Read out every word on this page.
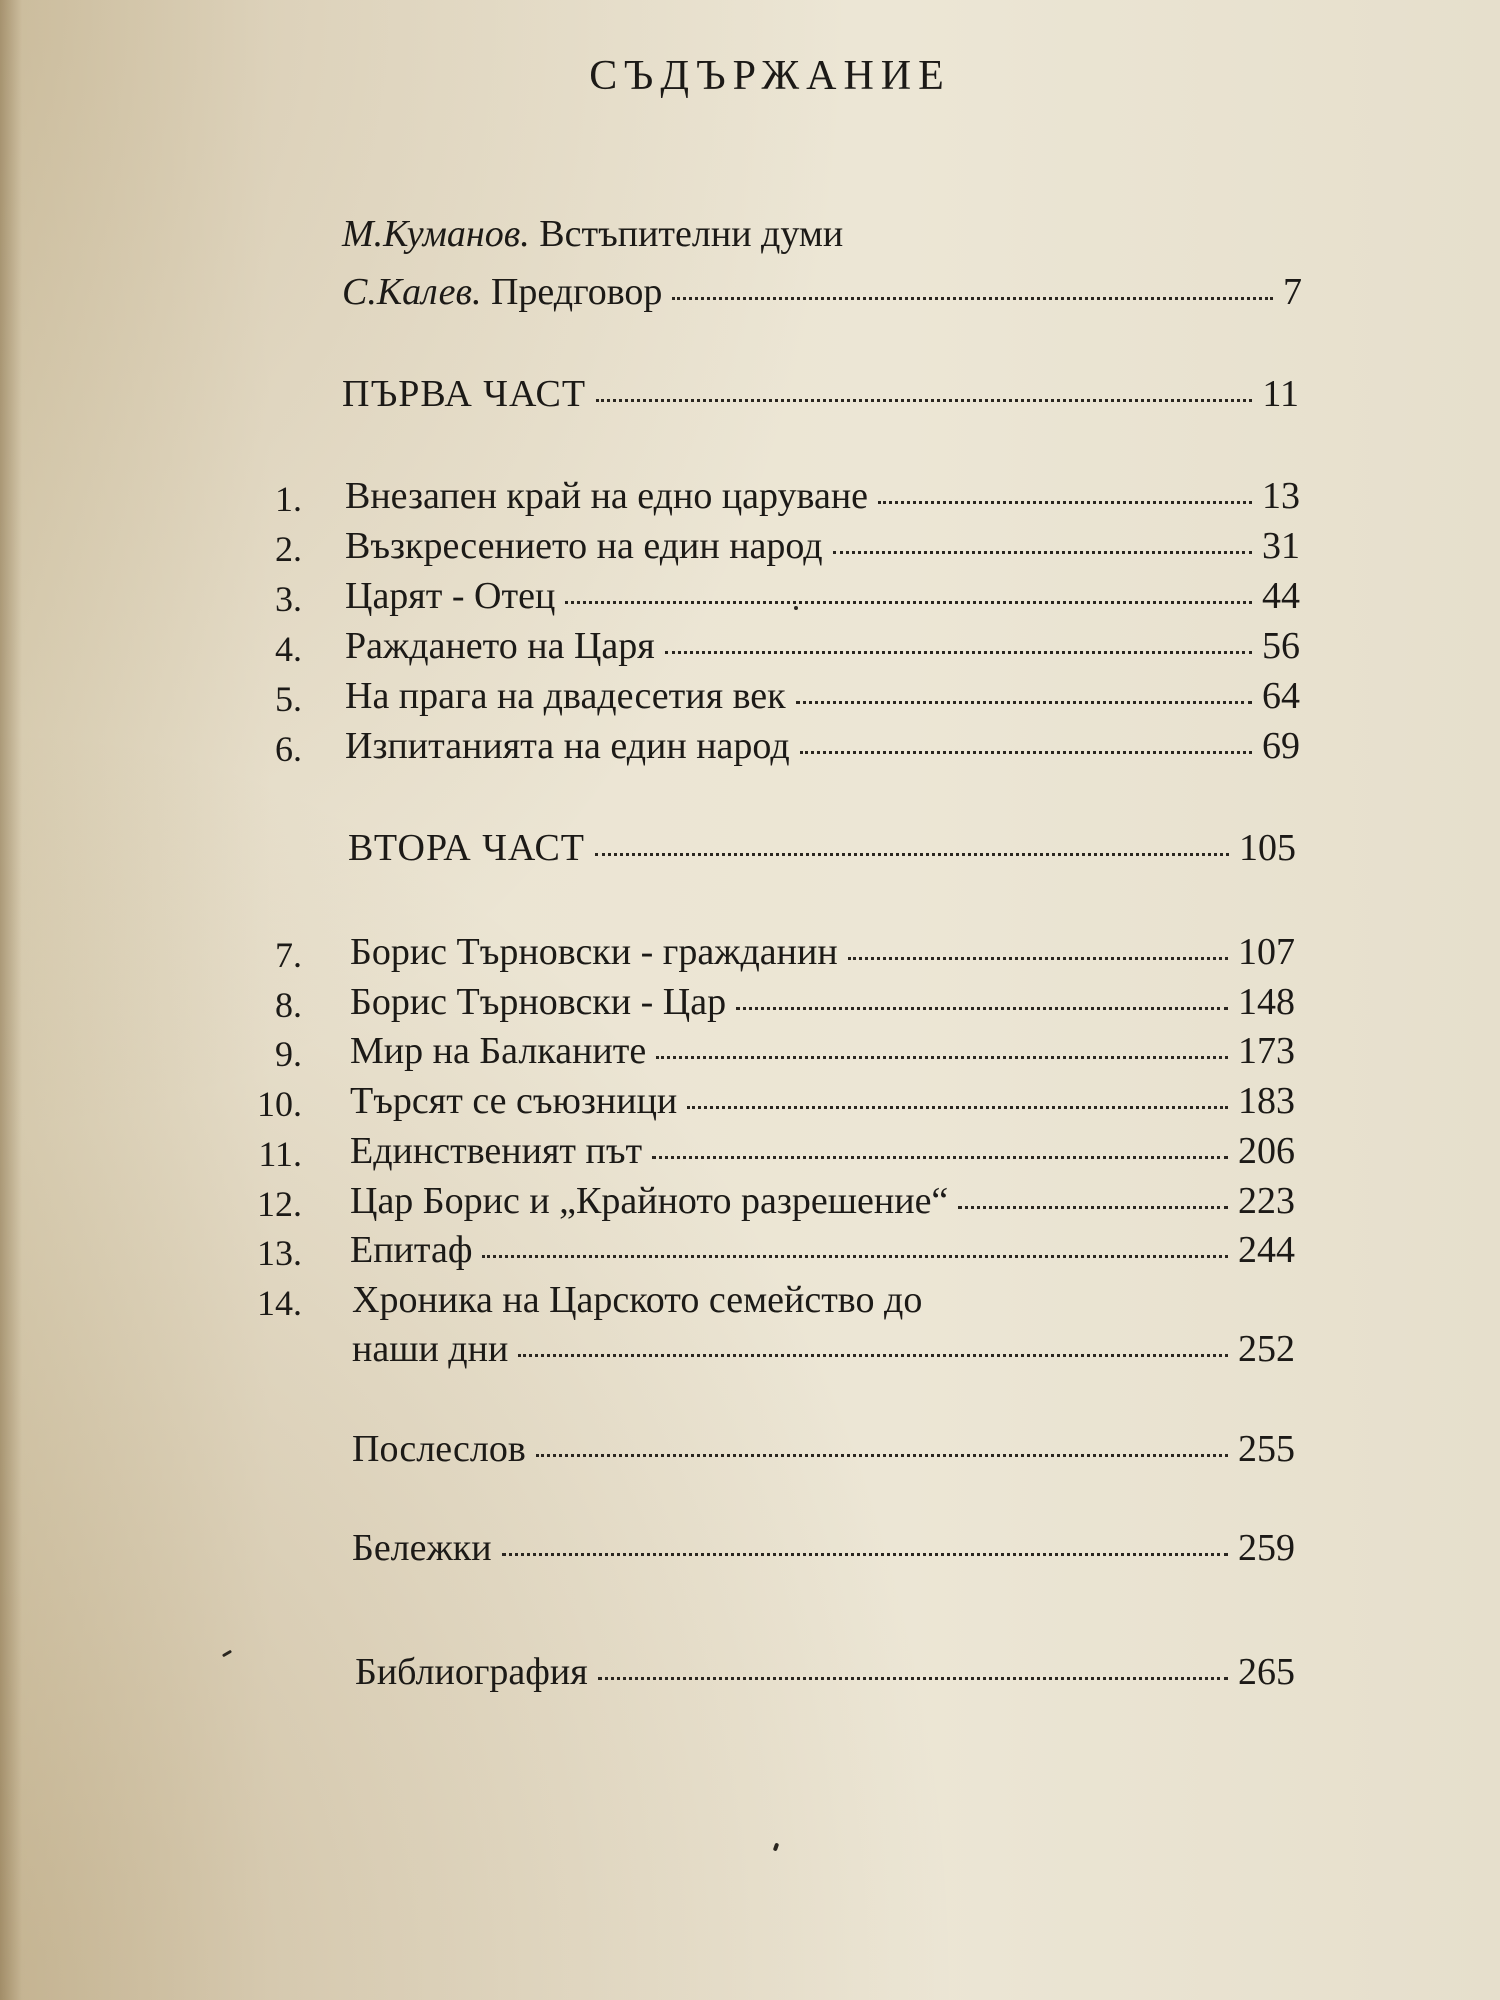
СЪДЪРЖАНИЕ
М.Куманов. Встъпителни думи
С.Калев. Предговор	7
ПЪРВА ЧАСТ	11
1. Внезапен край на едно царуване	13
2. Възкресението на един народ	31
3. Царят - Отец	44
4. Раждането на Царя	56
5. На прага на двадесетия век	64
6. Изпитанията на един народ	69
ВТОРА ЧАСТ	105
7. Борис Търновски - гражданин	107
8. Борис Търновски - Цар	148
9. Мир на Балканите	173
10. Търсят се съюзници	183
11. Единственият път	206
12. Цар Борис и „Крайното разрешение“	223
13. Епитаф	244
14. Хроника на Царското семейство до
наши дни	252
Послеслов	255
Бележки	259
Библиография	265
